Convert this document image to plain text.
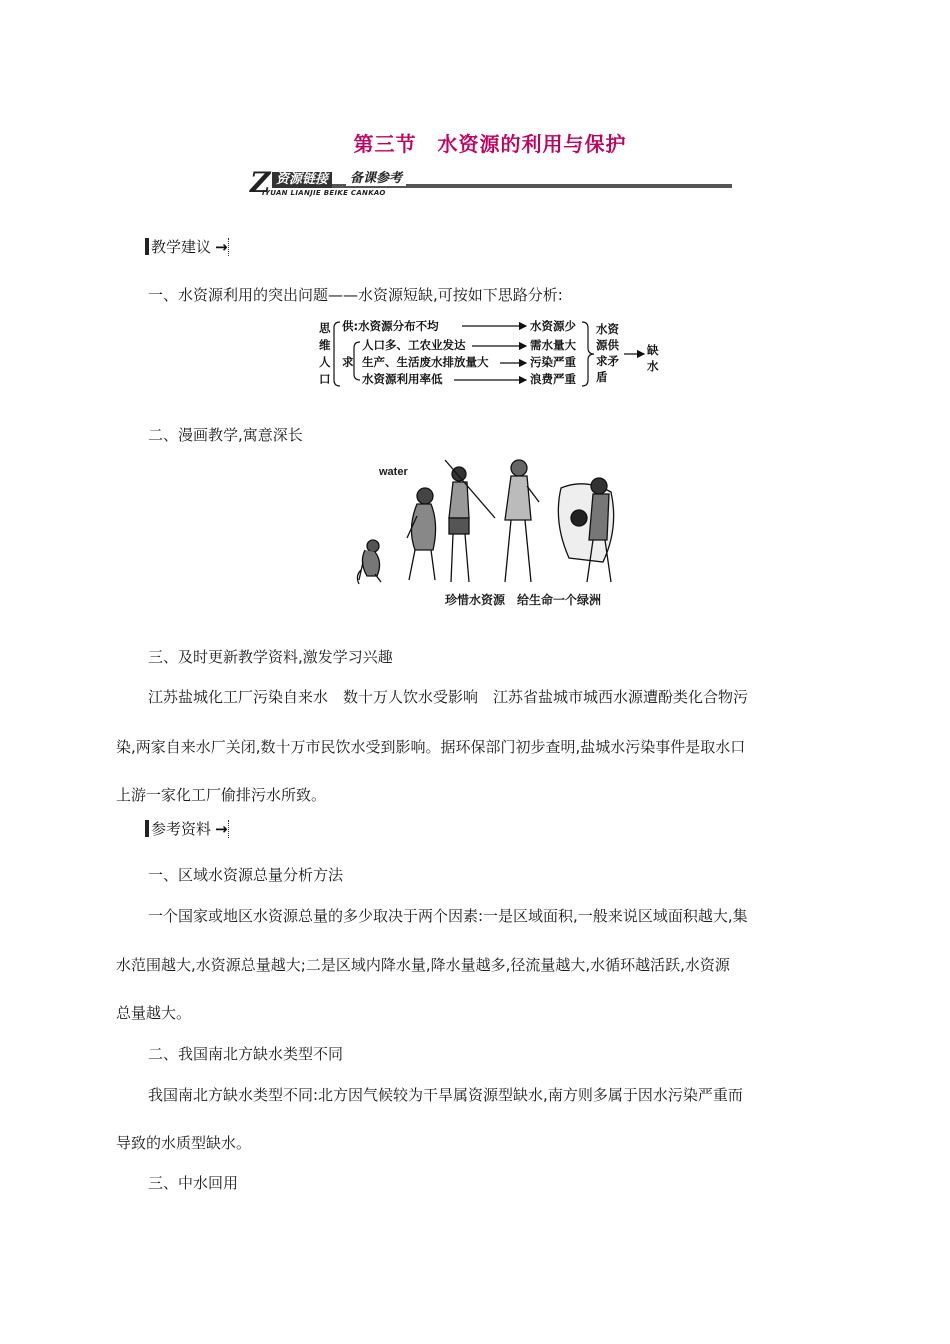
第三节　水资源的利用与保护
Z 资源链接	备课参考
IYUAN LIANJIE BEIKE CANKAO
教学建议 →
一、水资源利用的突出问题——水资源短缺,可按如下思路分析:
思
维
人
口
供:水资源分布不均
求
人口多、工农业发达
生产、生活废水排放量大
水资源利用率低
水资源少
需水量大
污染严重
浪费严重
水资
源供
求矛
盾
缺
水
二、漫画教学,寓意深长
water
珍惜水资源　给生命一个绿洲
三、及时更新教学资料,激发学习兴趣
江苏盐城化工厂污染自来水　数十万人饮水受影响　江苏省盐城市城西水源遭酚类化合物污
染,两家自来水厂关闭,数十万市民饮水受到影响。据环保部门初步查明,盐城水污染事件是取水口
上游一家化工厂偷排污水所致。
参考资料 →
一、区域水资源总量分析方法
一个国家或地区水资源总量的多少取决于两个因素:一是区域面积,一般来说区域面积越大,集
水范围越大,水资源总量越大;二是区域内降水量,降水量越多,径流量越大,水循环越活跃,水资源
总量越大。
二、我国南北方缺水类型不同
我国南北方缺水类型不同:北方因气候较为干旱属资源型缺水,南方则多属于因水污染严重而
导致的水质型缺水。
三、中水回用
